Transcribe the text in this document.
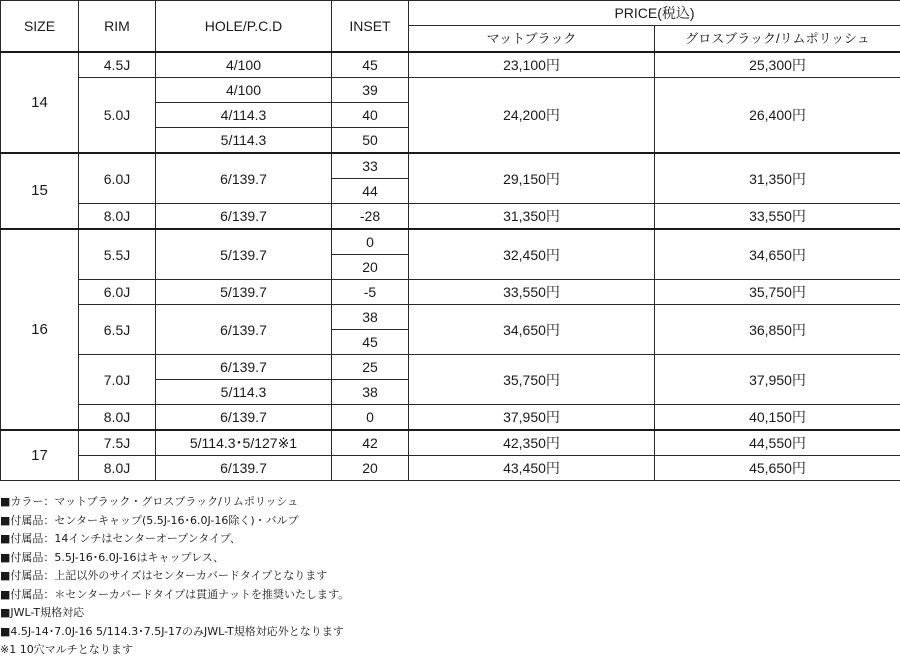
SIZE	RIM	HOLE/P.C.D	INSET	PRICE(税込)	
				マットブラック	グロスブラック/リムポリッシュ
14	4.5J	4/100	45	23,100円	25,300円
	5.0J	4/100	39	24,200円	26,400円
		4/114.3	40		
		5/114.3	50		
15	6.0J	6/139.7	33	29,150円	31,350円
			44		
	8.0J	6/139.7	-28	31,350円	33,550円
16	5.5J	5/139.7	0	32,450円	34,650円
			20		
	6.0J	5/139.7	-5	33,550円	35,750円
	6.5J	6/139.7	38	34,650円	36,850円
			45		
	7.0J	6/139.7	25	35,750円	37,950円
		5/114.3	38		
	8.0J	6/139.7	0	37,950円	40,150円
17	7.5J	5/114.3･5/127※1	42	42,350円	44,550円
	8.0J	6/139.7	20	43,450円	45,650円
■カラー：マットブラック・グロスブラック/リムポリッシュ
■付属品：センターキャップ(5.5J-16･6.0J-16除く)・バルブ
■付属品：14インチはセンターオープンタイプ、
■付属品：5.5J-16･6.0J-16はキャップレス、
■付属品：上記以外のサイズはセンターカバードタイプとなります
■付属品：＊センターカバードタイプは貫通ナットを推奨いたします。
■JWL-T規格対応
■4.5J-14･7.0J-16 5/114.3･7.5J-17のみJWL-T規格対応外となります
※1 10穴マルチとなります
